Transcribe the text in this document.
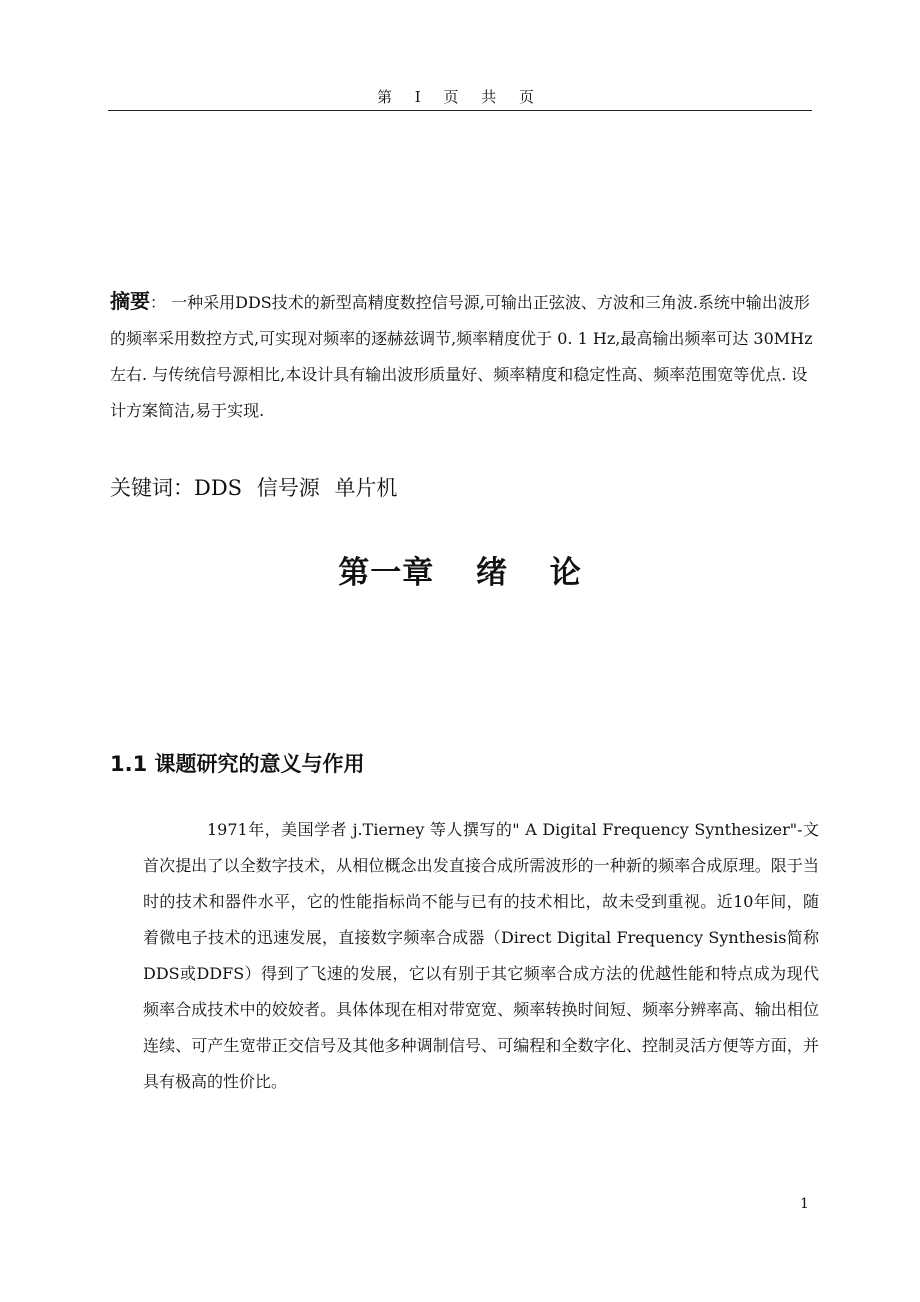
第 I 页 共 页
摘要： 一种采用DDS技术的新型高精度数控信号源,可输出正弦波、方波和三角波.系统中输出波形的频率采用数控方式,可实现对频率的逐赫兹调节,频率精度优于 0. 1 Hz,最高输出频率可达 30MHz 左右. 与传统信号源相比,本设计具有输出波形质量好、频率精度和稳定性高、频率范围宽等优点. 设计方案简洁,易于实现.
关键词：DDS 信号源 单片机
第一章 绪 论
1.1 课题研究的意义与作用
1971年，美国学者 j.Tierney 等人撰写的" A Digital Frequency Synthesizer"-文首次提出了以全数字技术，从相位概念出发直接合成所需波形的一种新的频率合成原理。限于当时的技术和器件水平，它的性能指标尚不能与已有的技术相比，故未受到重视。近10年间，随着微电子技术的迅速发展，直接数字频率合成器（Direct Digital Frequency Synthesis简称DDS或DDFS）得到了飞速的发展，它以有别于其它频率合成方法的优越性能和特点成为现代频率合成技术中的姣姣者。具体体现在相对带宽宽、频率转换时间短、频率分辨率高、输出相位连续、可产生宽带正交信号及其他多种调制信号、可编程和全数字化、控制灵活方便等方面，并具有极高的性价比。
1
